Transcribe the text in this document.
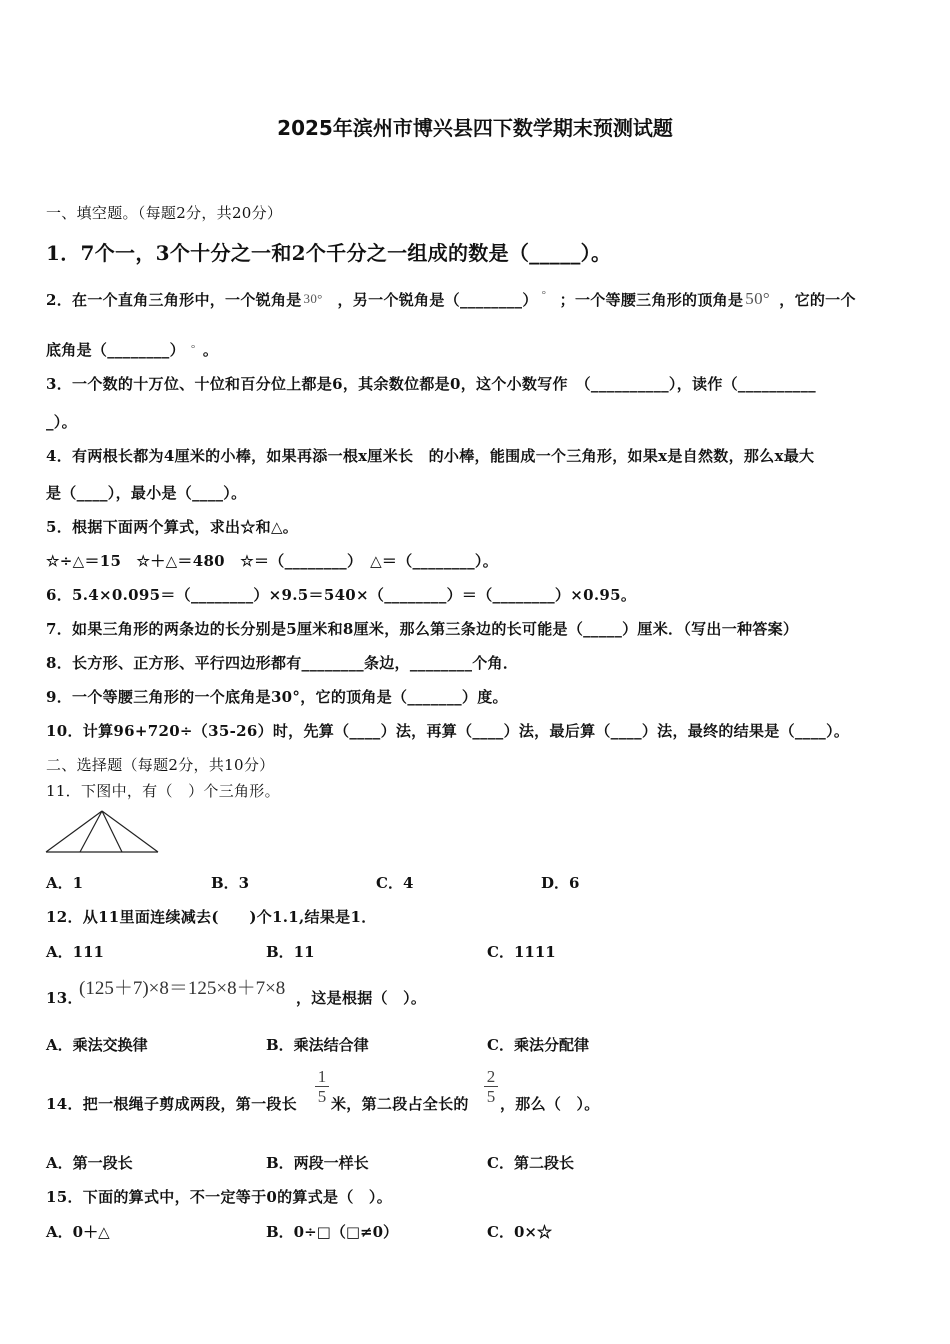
2025年滨州市博兴县四下数学期末预测试题
一、填空题。（每题2分，共20分）
1．7个一，3个十分之一和2个千分之一组成的数是（_____）。
2．在一个直角三角形中，一个锐角是 30° ，另一个锐角是（________） ° ；一个等腰三角形的顶角是 50° ，它的一个
底角是（________） ° 。
3．一个数的十万位、十位和百分位上都是6，其余数位都是0，这个小数写作　（__________），读作（__________
_）。
4．有两根长都为4厘米的小棒，如果再添一根x厘米长　的小棒，能围成一个三角形，如果x是自然数，那么x最大
是（____），最小是（____）。
5．根据下面两个算式，求出☆和△。
☆÷△＝15　☆＋△＝480　☆＝（________）　△＝（________）。
6．5.4×0.095＝（________）×9.5＝540×（________）＝（________）×0.95。
7．如果三角形的两条边的长分别是5厘米和8厘米，那么第三条边的长可能是（_____）厘米．（写出一种答案）
8．长方形、正方形、平行四边形都有________条边，________个角．
9．一个等腰三角形的一个底角是30°，它的顶角是（_______）度。
10．计算96+720÷（35-26）时，先算（____）法，再算（____）法，最后算（____）法，最终的结果是（____）。
二、选择题（每题2分，共10分）
11．下图中，有（　）个三角形。
A．1	B．3	C．4	D．6
12．从11里面连续减去(　　)个1.1,结果是1．
A．111	B．11	C．1111
13．
(125＋7)×8＝125×8＋7×8 ，这是根据（　）。
A．乘法交换律	B．乘法结合律	C．乘法分配律
14．把一根绳子剪成两段，第一段长 $\frac{1}{5}$ 米，第二段占全长的 $\frac{2}{5}$ ，那么（　）。
A．第一段长	B．两段一样长	C．第二段长
15．下面的算式中，不一定等于0的算式是（　）。
A．0＋△	B．0÷□（□≠0）	C．0×☆
